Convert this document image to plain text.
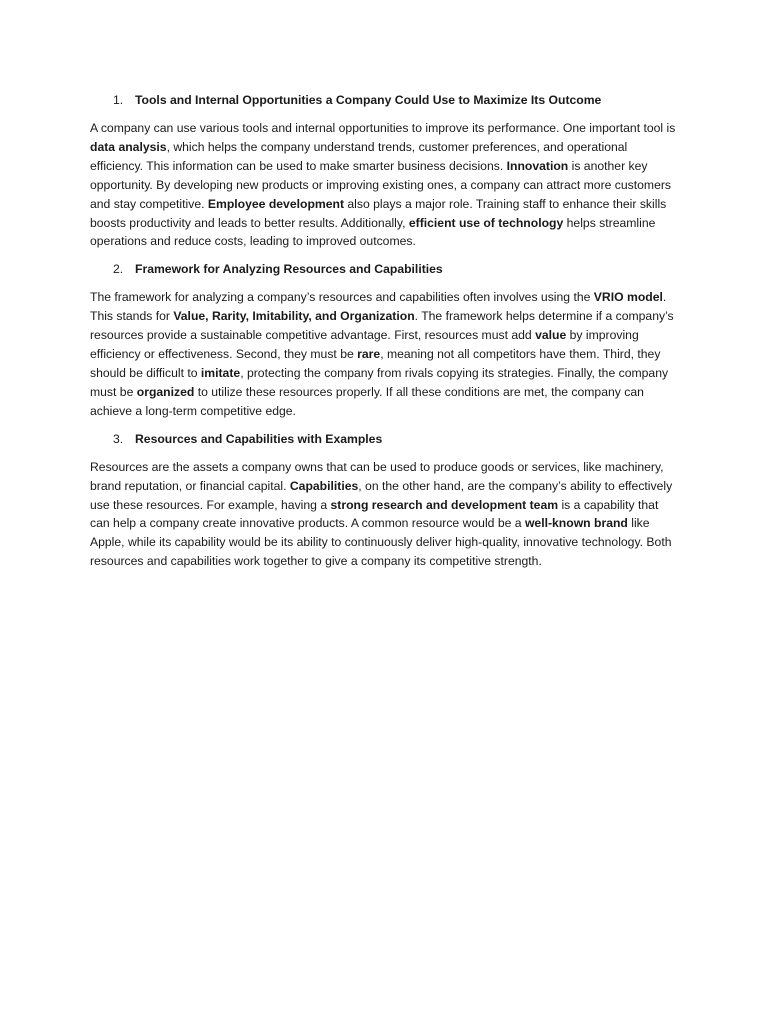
1. Tools and Internal Opportunities a Company Could Use to Maximize Its Outcome

A company can use various tools and internal opportunities to improve its performance. One important tool is data analysis, which helps the company understand trends, customer preferences, and operational efficiency. This information can be used to make smarter business decisions. Innovation is another key opportunity. By developing new products or improving existing ones, a company can attract more customers and stay competitive. Employee development also plays a major role. Training staff to enhance their skills boosts productivity and leads to better results. Additionally, efficient use of technology helps streamline operations and reduce costs, leading to improved outcomes.

2. Framework for Analyzing Resources and Capabilities

The framework for analyzing a company’s resources and capabilities often involves using the VRIO model. This stands for Value, Rarity, Imitability, and Organization. The framework helps determine if a company’s resources provide a sustainable competitive advantage. First, resources must add value by improving efficiency or effectiveness. Second, they must be rare, meaning not all competitors have them. Third, they should be difficult to imitate, protecting the company from rivals copying its strategies. Finally, the company must be organized to utilize these resources properly. If all these conditions are met, the company can achieve a long-term competitive edge.

3. Resources and Capabilities with Examples

Resources are the assets a company owns that can be used to produce goods or services, like machinery, brand reputation, or financial capital. Capabilities, on the other hand, are the company’s ability to effectively use these resources. For example, having a strong research and development team is a capability that can help a company create innovative products. A common resource would be a well-known brand like Apple, while its capability would be its ability to continuously deliver high-quality, innovative technology. Both resources and capabilities work together to give a company its competitive strength.
